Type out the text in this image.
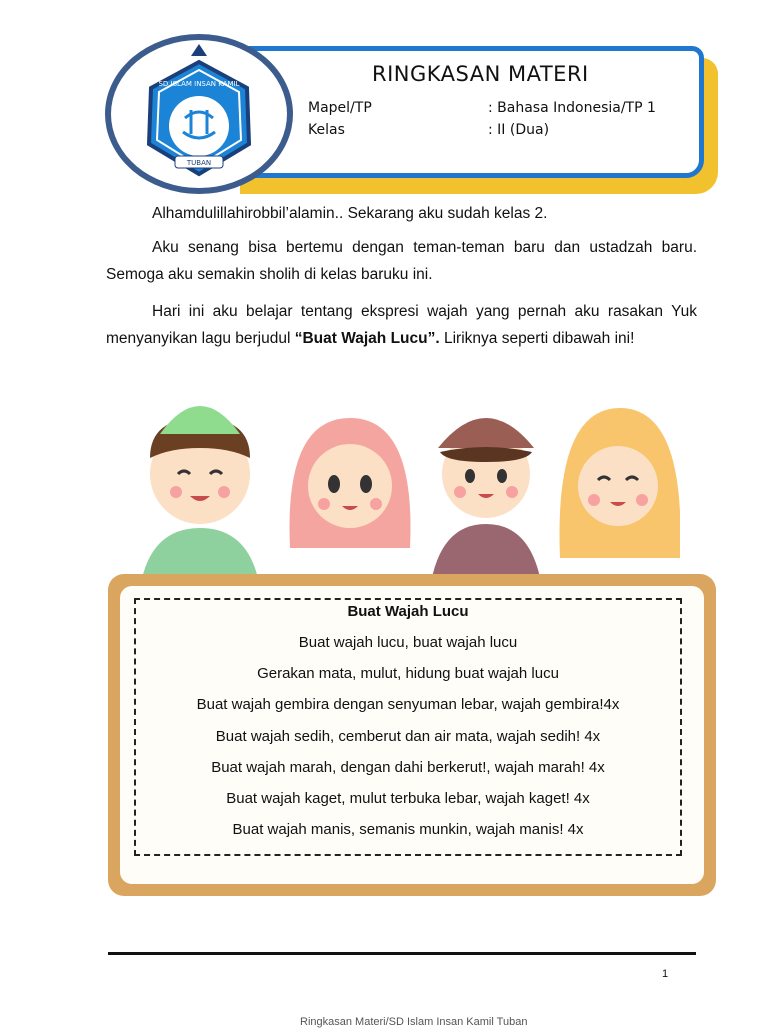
RINGKASAN MATERI
Mapel/TP	: Bahasa Indonesia/TP 1
Kelas	: II (Dua)
TUBAN
SD ISLAM INSAN KAMIL
Alhamdulillahirobbil’alamin.. Sekarang aku sudah kelas 2.
Aku senang bisa bertemu dengan teman-teman baru dan ustadzah baru. Semoga aku semakin sholih di kelas baruku ini.
Hari ini aku belajar tentang ekspresi wajah yang pernah aku rasakan Yuk menyanyikan lagu berjudul “Buat Wajah Lucu”. Liriknya seperti dibawah ini!
Buat Wajah Lucu
Buat wajah lucu, buat wajah lucu
Gerakan mata, mulut, hidung buat wajah lucu
Buat wajah gembira dengan senyuman lebar, wajah gembira!4x
Buat wajah sedih, cemberut dan air mata, wajah sedih! 4x
Buat wajah marah, dengan dahi berkerut!, wajah marah! 4x
Buat wajah kaget, mulut terbuka lebar, wajah kaget! 4x
Buat wajah manis, semanis munkin, wajah manis! 4x
1
Ringkasan Materi/SD Islam Insan Kamil Tuban
